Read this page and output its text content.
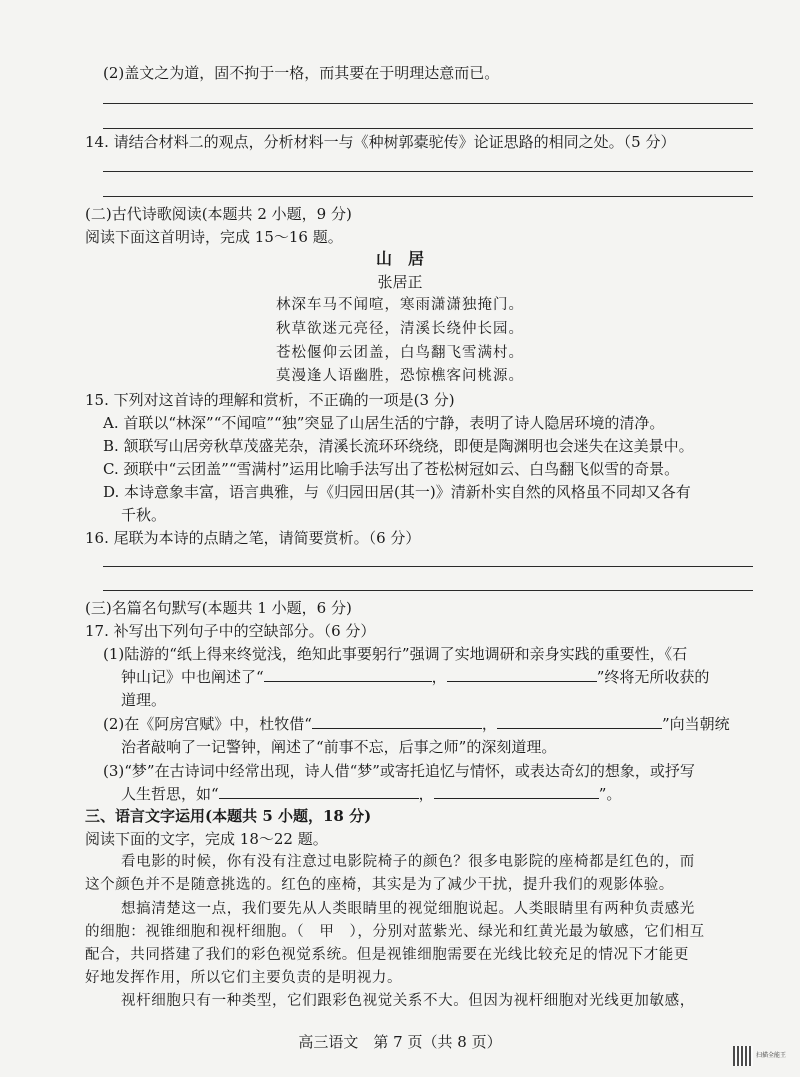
(2)盖文之为道，固不拘于一格，而其要在于明理达意而已。
14. 请结合材料二的观点，分析材料一与《种树郭橐驼传》论证思路的相同之处。（5 分）
(二)古代诗歌阅读(本题共 2 小题，9 分)
阅读下面这首明诗，完成 15～16 题。
山　居
张居正
林深车马不闻喧，寒雨潇潇独掩门。
秋草欲迷元亮径，清溪长绕仲长园。
苍松偃仰云团盖，白鸟翻飞雪满村。
莫漫逢人语幽胜，恐惊樵客问桃源。
15. 下列对这首诗的理解和赏析，不正确的一项是(3 分)
A. 首联以“林深”“不闻喧”“独”突显了山居生活的宁静，表明了诗人隐居环境的清净。
B. 颔联写山居旁秋草茂盛芜杂，清溪长流环环绕绕，即便是陶渊明也会迷失在这美景中。
C. 颈联中“云团盖”“雪满村”运用比喻手法写出了苍松树冠如云、白鸟翻飞似雪的奇景。
D. 本诗意象丰富，语言典雅，与《归园田居(其一)》清新朴实自然的风格虽不同却又各有
千秋。
16. 尾联为本诗的点睛之笔，请简要赏析。（6 分）
(三)名篇名句默写(本题共 1 小题，6 分)
17. 补写出下列句子中的空缺部分。（6 分）
(1)陆游的“纸上得来终觉浅，绝知此事要躬行”强调了实地调研和亲身实践的重要性，《石
钟山记》中也阐述了“	，	”终将无所收获的
道理。
(2)在《阿房宫赋》中，杜牧借“	，	”向当朝统
治者敲响了一记警钟，阐述了“前事不忘，后事之师”的深刻道理。
(3)“梦”在古诗词中经常出现，诗人借“梦”或寄托追忆与情怀，或表达奇幻的想象，或抒写
人生哲思，如“	，	”。
三、语言文字运用(本题共 5 小题，18 分)
阅读下面的文字，完成 18～22 题。
看电影的时候，你有没有注意过电影院椅子的颜色？很多电影院的座椅都是红色的，而
这个颜色并不是随意挑选的。红色的座椅，其实是为了减少干扰，提升我们的观影体验。
想搞清楚这一点，我们要先从人类眼睛里的视觉细胞说起。人类眼睛里有两种负责感光
的细胞：视锥细胞和视杆细胞。（　甲　），分别对蓝紫光、绿光和红黄光最为敏感，它们相互
配合，共同搭建了我们的彩色视觉系统。但是视锥细胞需要在光线比较充足的情况下才能更
好地发挥作用，所以它们主要负责的是明视力。
视杆细胞只有一种类型，它们跟彩色视觉关系不大。但因为视杆细胞对光线更加敏感，
高三语文　第 7 页（共 8 页）
扫描全能王
